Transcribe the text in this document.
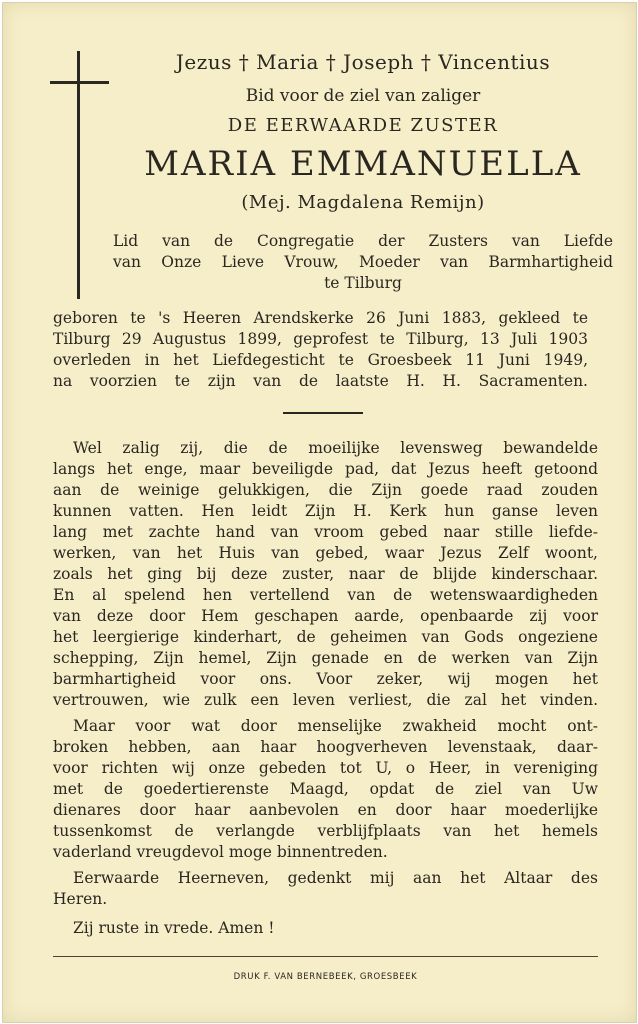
Jezus † Maria † Joseph † Vincentius
Bid voor de ziel van zaliger
DE EERWAARDE ZUSTER
MARIA EMMANUELLA
(Mej. Magdalena Remijn)
Lid van de Congregatie der Zusters van Liefde
van Onze Lieve Vrouw, Moeder van Barmhartigheid
te Tilburg
geboren te 's Heeren Arendskerke 26 Juni 1883, gekleed te
Tilburg 29 Augustus 1899, geprofest te Tilburg, 13 Juli 1903
overleden in het Liefdegesticht te Groesbeek 11 Juni 1949,
na voorzien te zijn van de laatste H. H. Sacramenten.
Wel zalig zij, die de moeilijke levensweg bewandelde
langs het enge, maar beveiligde pad, dat Jezus heeft getoond
aan de weinige gelukkigen, die Zijn goede raad zouden
kunnen vatten. Hen leidt Zijn H. Kerk hun ganse leven
lang met zachte hand van vroom gebed naar stille liefde-
werken, van het Huis van gebed, waar Jezus Zelf woont,
zoals het ging bij deze zuster, naar de blijde kinderschaar.
En al spelend hen vertellend van de wetenswaardigheden
van deze door Hem geschapen aarde, openbaarde zij voor
het leergierige kinderhart, de geheimen van Gods ongeziene
schepping, Zijn hemel, Zijn genade en de werken van Zijn
barmhartigheid voor ons. Voor zeker, wij mogen het
vertrouwen, wie zulk een leven verliest, die zal het vinden.
Maar voor wat door menselijke zwakheid mocht ont-
broken hebben, aan haar hoogverheven levenstaak, daar-
voor richten wij onze gebeden tot U, o Heer, in vereniging
met de goedertierenste Maagd, opdat de ziel van Uw
dienares door haar aanbevolen en door haar moederlijke
tussenkomst de verlangde verblijfplaats van het hemels
vaderland vreugdevol moge binnentreden.
Eerwaarde Heerneven, gedenkt mij aan het Altaar des
Heren.
Zij ruste in vrede. Amen !
DRUK F. VAN BERNEBEEK, GROESBEEK
